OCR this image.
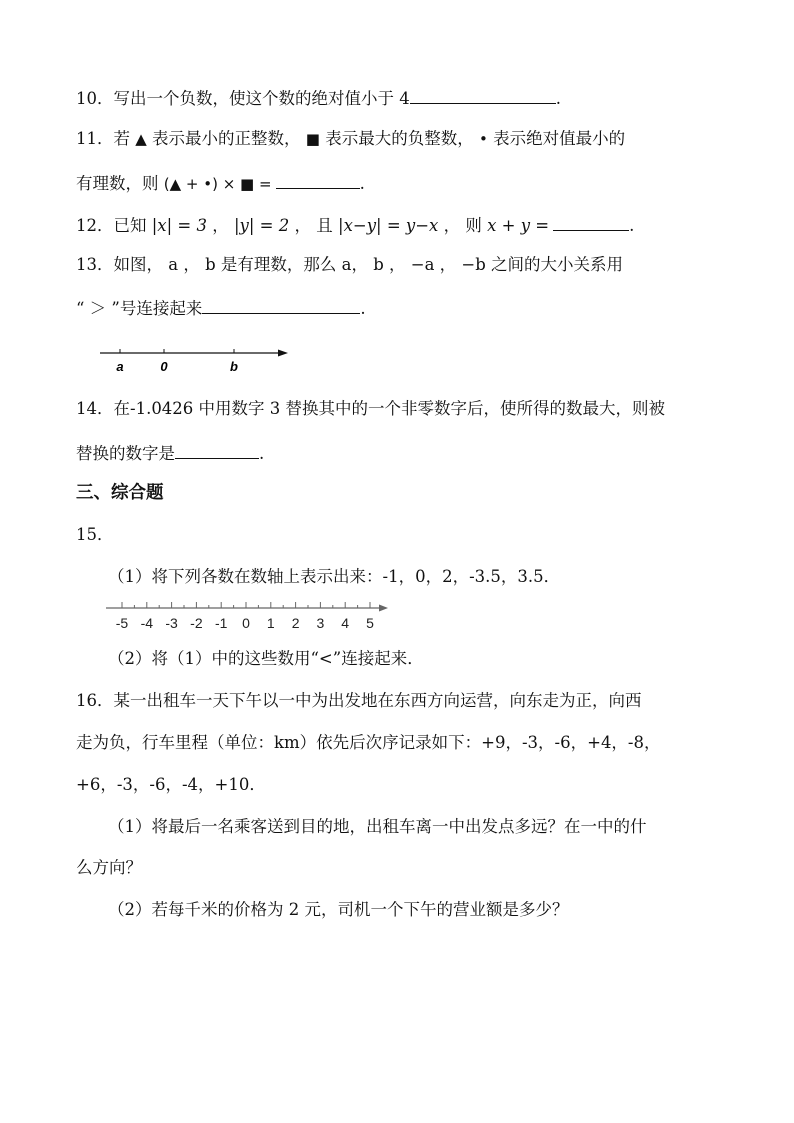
10．写出一个负数，使这个数的绝对值小于 4	.
11．若 ▲ 表示最小的正整数， ■ 表示最大的负整数， • 表示绝对值最小的
有理数，则 (▲ + •) × ■ =	.
12．已知 |x| = 3 ， |y| = 2 ， 且 |x−y| = y−x ， 则 x + y =	.
13．如图， a ， b 是有理数，那么 a， b ， −a ， −b 之间的大小关系用
“ ＞ ”号连接起来	.
a	0	b
14．在-1.0426 中用数字 3 替换其中的一个非零数字后，使所得的数最大，则被
替换的数字是	.
三、综合题
15．
（1）将下列各数在数轴上表示出来：-1，0，2，-3.5，3.5．
-5 -4 -3 -2 -1 0 1 2 3 4 5
（2）将（1）中的这些数用“<”连接起来．
16．某一出租车一天下午以一中为出发地在东西方向运营，向东走为正，向西
走为负，行车里程（单位：km）依先后次序记录如下：+9，-3，-6，+4，-8，
+6，-3，-6，-4，+10．
（1）将最后一名乘客送到目的地，出租车离一中出发点多远？在一中的什
么方向？
（2）若每千米的价格为 2 元，司机一个下午的营业额是多少？
